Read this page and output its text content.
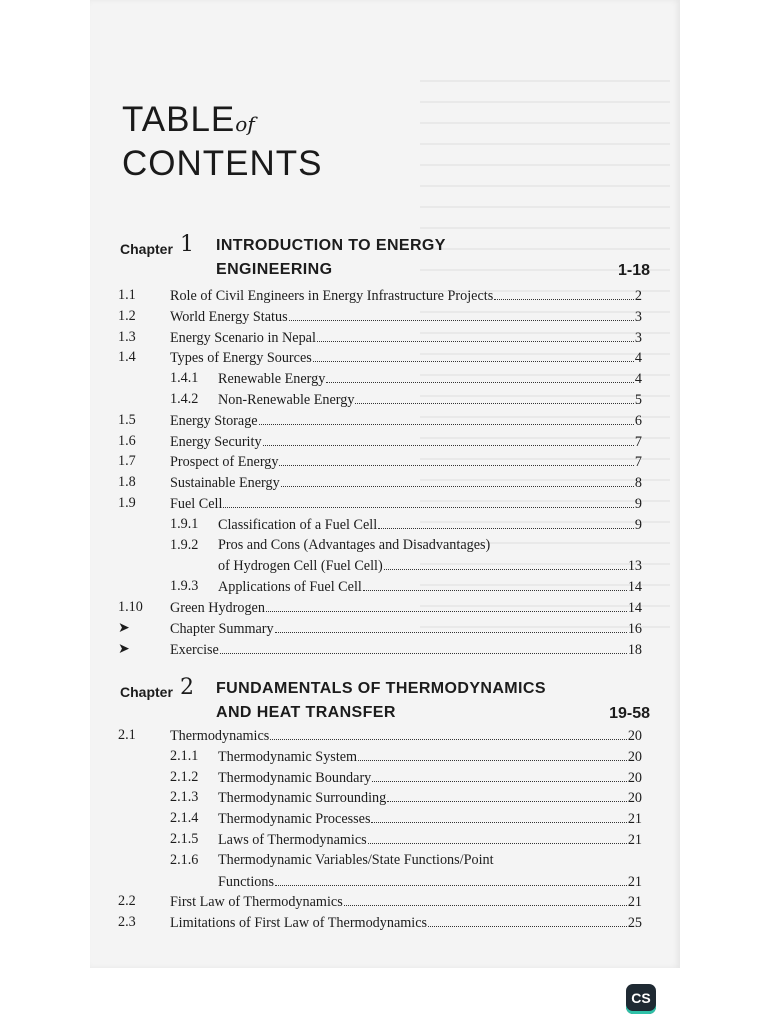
TABLEof
CONTENTS
Chapter 1 INTRODUCTION TO ENERGY
ENGINEERING	1-18
1.1 Role of Civil Engineers in Energy Infrastructure Projects	2
1.2 World Energy Status	3
1.3 Energy Scenario in Nepal	3
1.4 Types of Energy Sources	4
1.4.1 Renewable Energy	4
1.4.2 Non-Renewable Energy	5
1.5 Energy Storage	6
1.6 Energy Security	7
1.7 Prospect of Energy	7
1.8 Sustainable Energy	8
1.9 Fuel Cell	9
1.9.1 Classification of a Fuel Cell	9
1.9.2 Pros and Cons (Advantages and Disadvantages)
of Hydrogen Cell (Fuel Cell)	13
1.9.3 Applications of Fuel Cell	14
1.10 Green Hydrogen	14
➤	Chapter Summary	16
➤	Exercise	18
Chapter 2 FUNDAMENTALS OF THERMODYNAMICS
AND HEAT TRANSFER	19-58
2.1 Thermodynamics	20
2.1.1 Thermodynamic System	20
2.1.2 Thermodynamic Boundary	20
2.1.3 Thermodynamic Surrounding	20
2.1.4 Thermodynamic Processes	21
2.1.5 Laws of Thermodynamics	21
2.1.6 Thermodynamic Variables/State Functions/Point
Functions	21
2.2 First Law of Thermodynamics	21
2.3 Limitations of First Law of Thermodynamics	25
CS
